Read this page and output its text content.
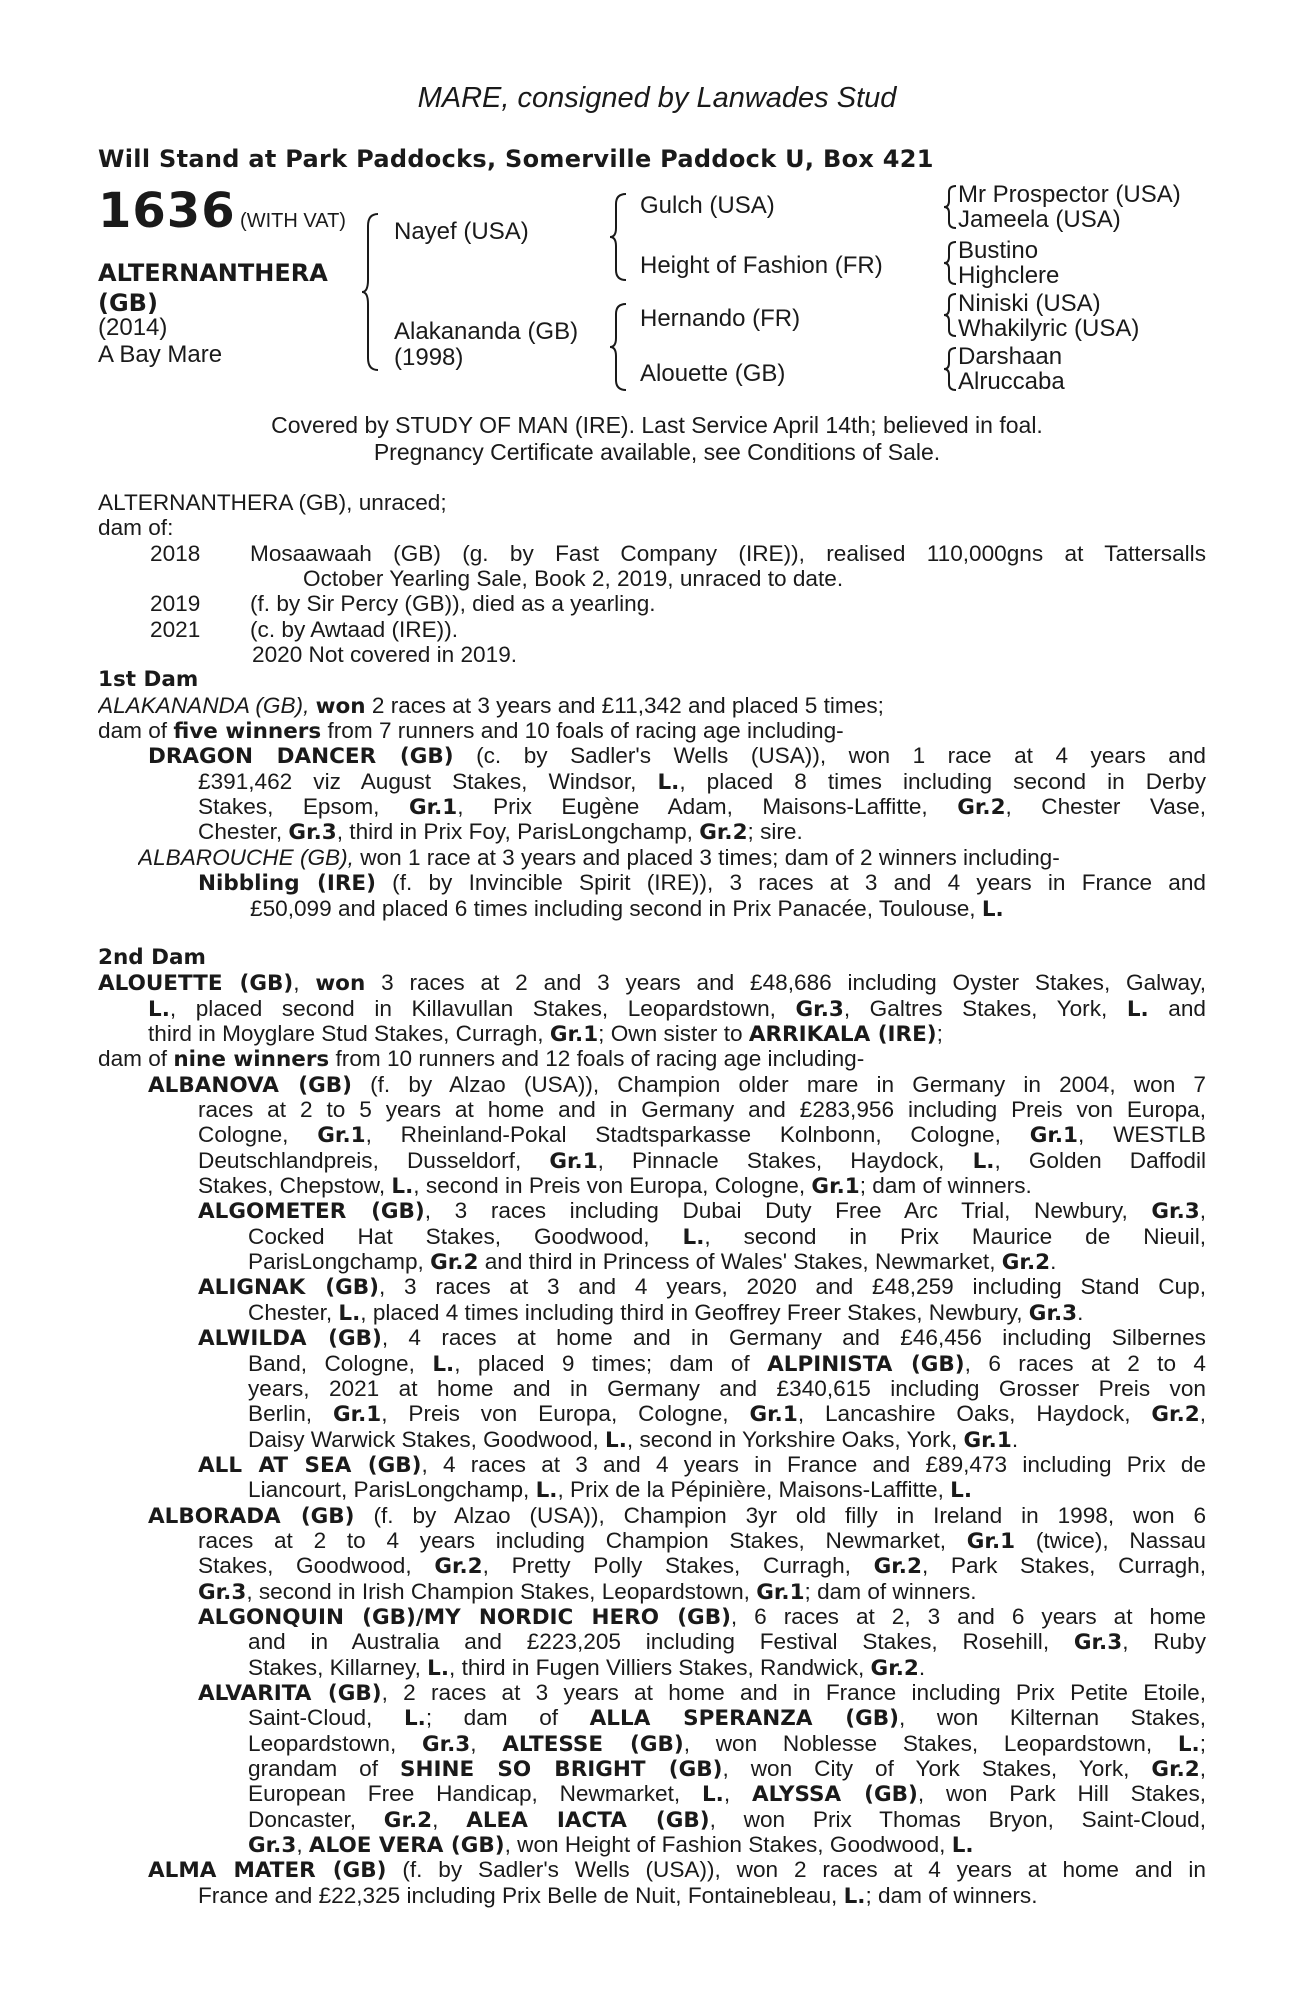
MARE, consigned by Lanwades Stud
Will Stand at Park Paddocks, Somerville Paddock U, Box 421
1636 (WITH VAT)
ALTERNANTHERA
(GB)
(2014)
A Bay Mare
Nayef (USA)
Alakananda (GB)
(1998)
Gulch (USA)
Height of Fashion (FR)
Hernando (FR)
Alouette (GB)
Mr Prospector (USA)
Jameela (USA)
Bustino
Highclere
Niniski (USA)
Whakilyric (USA)
Darshaan
Alruccaba
Covered by STUDY OF MAN (IRE). Last Service April 14th; believed in foal.
Pregnancy Certificate available, see Conditions of Sale.
ALTERNANTHERA (GB), unraced;
dam of:
2018 Mosaawaah (GB) (g. by Fast Company (IRE)), realised 110,000gns at Tattersalls
October Yearling Sale, Book 2, 2019, unraced to date.
2019 (f. by Sir Percy (GB)), died as a yearling.
2021 (c. by Awtaad (IRE)).
2020 Not covered in 2019.
1st Dam
ALAKANANDA (GB), won 2 races at 3 years and £11,342 and placed 5 times;
dam of five winners from 7 runners and 10 foals of racing age including-
DRAGON DANCER (GB) (c. by Sadler's Wells (USA)), won 1 race at 4 years and
£391,462 viz August Stakes, Windsor, L., placed 8 times including second in Derby
Stakes, Epsom, Gr.1, Prix Eugène Adam, Maisons-Laffitte, Gr.2, Chester Vase,
Chester, Gr.3, third in Prix Foy, ParisLongchamp, Gr.2; sire.
ALBAROUCHE (GB), won 1 race at 3 years and placed 3 times; dam of 2 winners including-
Nibbling (IRE) (f. by Invincible Spirit (IRE)), 3 races at 3 and 4 years in France and
£50,099 and placed 6 times including second in Prix Panacée, Toulouse, L.
2nd Dam
ALOUETTE (GB), won 3 races at 2 and 3 years and £48,686 including Oyster Stakes, Galway,
L., placed second in Killavullan Stakes, Leopardstown, Gr.3, Galtres Stakes, York, L. and
third in Moyglare Stud Stakes, Curragh, Gr.1; Own sister to ARRIKALA (IRE);
dam of nine winners from 10 runners and 12 foals of racing age including-
ALBANOVA (GB) (f. by Alzao (USA)), Champion older mare in Germany in 2004, won 7
races at 2 to 5 years at home and in Germany and £283,956 including Preis von Europa,
Cologne, Gr.1, Rheinland-Pokal Stadtsparkasse Kolnbonn, Cologne, Gr.1, WESTLB
Deutschlandpreis, Dusseldorf, Gr.1, Pinnacle Stakes, Haydock, L., Golden Daffodil
Stakes, Chepstow, L., second in Preis von Europa, Cologne, Gr.1; dam of winners.
ALGOMETER (GB), 3 races including Dubai Duty Free Arc Trial, Newbury, Gr.3,
Cocked Hat Stakes, Goodwood, L., second in Prix Maurice de Nieuil,
ParisLongchamp, Gr.2 and third in Princess of Wales' Stakes, Newmarket, Gr.2.
ALIGNAK (GB), 3 races at 3 and 4 years, 2020 and £48,259 including Stand Cup,
Chester, L., placed 4 times including third in Geoffrey Freer Stakes, Newbury, Gr.3.
ALWILDA (GB), 4 races at home and in Germany and £46,456 including Silbernes
Band, Cologne, L., placed 9 times; dam of ALPINISTA (GB), 6 races at 2 to 4
years, 2021 at home and in Germany and £340,615 including Grosser Preis von
Berlin, Gr.1, Preis von Europa, Cologne, Gr.1, Lancashire Oaks, Haydock, Gr.2,
Daisy Warwick Stakes, Goodwood, L., second in Yorkshire Oaks, York, Gr.1.
ALL AT SEA (GB), 4 races at 3 and 4 years in France and £89,473 including Prix de
Liancourt, ParisLongchamp, L., Prix de la Pépinière, Maisons-Laffitte, L.
ALBORADA (GB) (f. by Alzao (USA)), Champion 3yr old filly in Ireland in 1998, won 6
races at 2 to 4 years including Champion Stakes, Newmarket, Gr.1 (twice), Nassau
Stakes, Goodwood, Gr.2, Pretty Polly Stakes, Curragh, Gr.2, Park Stakes, Curragh,
Gr.3, second in Irish Champion Stakes, Leopardstown, Gr.1; dam of winners.
ALGONQUIN (GB)/MY NORDIC HERO (GB), 6 races at 2, 3 and 6 years at home
and in Australia and £223,205 including Festival Stakes, Rosehill, Gr.3, Ruby
Stakes, Killarney, L., third in Fugen Villiers Stakes, Randwick, Gr.2.
ALVARITA (GB), 2 races at 3 years at home and in France including Prix Petite Etoile,
Saint-Cloud, L.; dam of ALLA SPERANZA (GB), won Kilternan Stakes,
Leopardstown, Gr.3, ALTESSE (GB), won Noblesse Stakes, Leopardstown, L.;
grandam of SHINE SO BRIGHT (GB), won City of York Stakes, York, Gr.2,
European Free Handicap, Newmarket, L., ALYSSA (GB), won Park Hill Stakes,
Doncaster, Gr.2, ALEA IACTA (GB), won Prix Thomas Bryon, Saint-Cloud,
Gr.3, ALOE VERA (GB), won Height of Fashion Stakes, Goodwood, L.
ALMA MATER (GB) (f. by Sadler's Wells (USA)), won 2 races at 4 years at home and in
France and £22,325 including Prix Belle de Nuit, Fontainebleau, L.; dam of winners.
